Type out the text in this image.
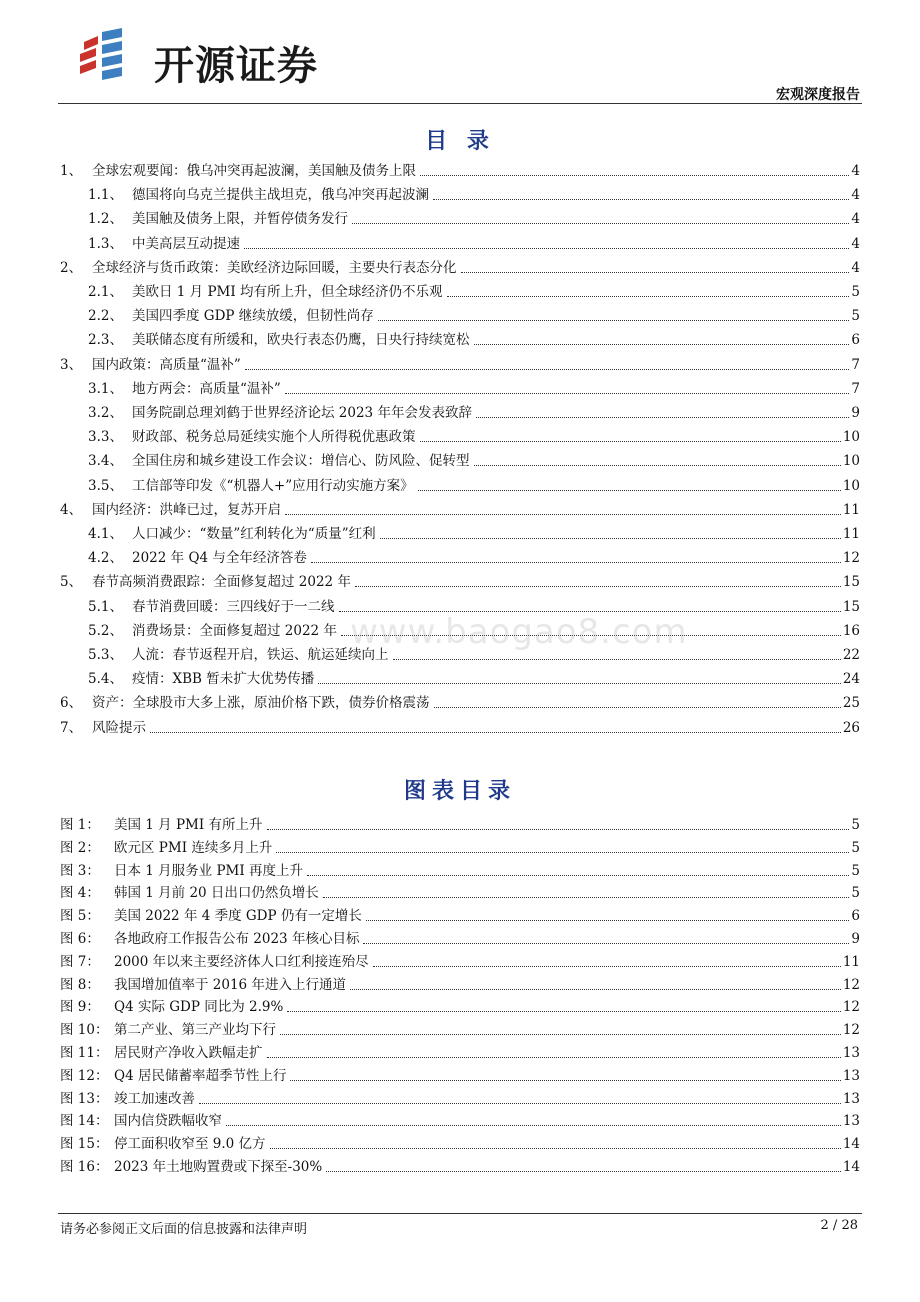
开源证券
宏观深度报告
目 录
1、 全球宏观要闻：俄乌冲突再起波澜，美国触及债务上限	4
1.1、 德国将向乌克兰提供主战坦克，俄乌冲突再起波澜	4
1.2、 美国触及债务上限，并暂停债务发行	4
1.3、 中美高层互动提速	4
2、 全球经济与货币政策：美欧经济边际回暖，主要央行表态分化	4
2.1、 美欧日 1 月 PMI 均有所上升，但全球经济仍不乐观	5
2.2、 美国四季度 GDP 继续放缓，但韧性尚存	5
2.3、 美联储态度有所缓和，欧央行表态仍鹰，日央行持续宽松	6
3、 国内政策：高质量“温补”	7
3.1、 地方两会：高质量“温补”	7
3.2、 国务院副总理刘鹤于世界经济论坛 2023 年年会发表致辞	9
3.3、 财政部、税务总局延续实施个人所得税优惠政策	10
3.4、 全国住房和城乡建设工作会议：增信心、防风险、促转型	10
3.5、 工信部等印发《“机器人+”应用行动实施方案》	10
4、 国内经济：洪峰已过，复苏开启	11
4.1、 人口减少：“数量”红利转化为“质量”红利	11
4.2、 2022 年 Q4 与全年经济答卷	12
5、 春节高频消费跟踪：全面修复超过 2022 年	15
5.1、 春节消费回暖：三四线好于一二线	15
5.2、 消费场景：全面修复超过 2022 年	16
5.3、 人流：春节返程开启，铁运、航运延续向上	22
5.4、 疫情：XBB 暂未扩大优势传播	24
6、 资产：全球股市大多上涨，原油价格下跌，债券价格震荡	25
7、 风险提示	26
图表目录
图 1：	美国 1 月 PMI 有所上升	5
图 2：	欧元区 PMI 连续多月上升	5
图 3：	日本 1 月服务业 PMI 再度上升	5
图 4：	韩国 1 月前 20 日出口仍然负增长	5
图 5：	美国 2022 年 4 季度 GDP 仍有一定增长	6
图 6：	各地政府工作报告公布 2023 年核心目标	9
图 7：	2000 年以来主要经济体人口红利接连殆尽	11
图 8：	我国增加值率于 2016 年进入上行通道	12
图 9：	Q4 实际 GDP 同比为 2.9%	12
图 10： 第二产业、第三产业均下行	12
图 11： 居民财产净收入跌幅走扩	13
图 12： Q4 居民储蓄率超季节性上行	13
图 13： 竣工加速改善	13
图 14： 国内信贷跌幅收窄	13
图 15： 停工面积收窄至 9.0 亿方	14
图 16： 2023 年土地购置费或下探至-30%	14
www.baogao8.com
请务必参阅正文后面的信息披露和法律声明	2 / 28
